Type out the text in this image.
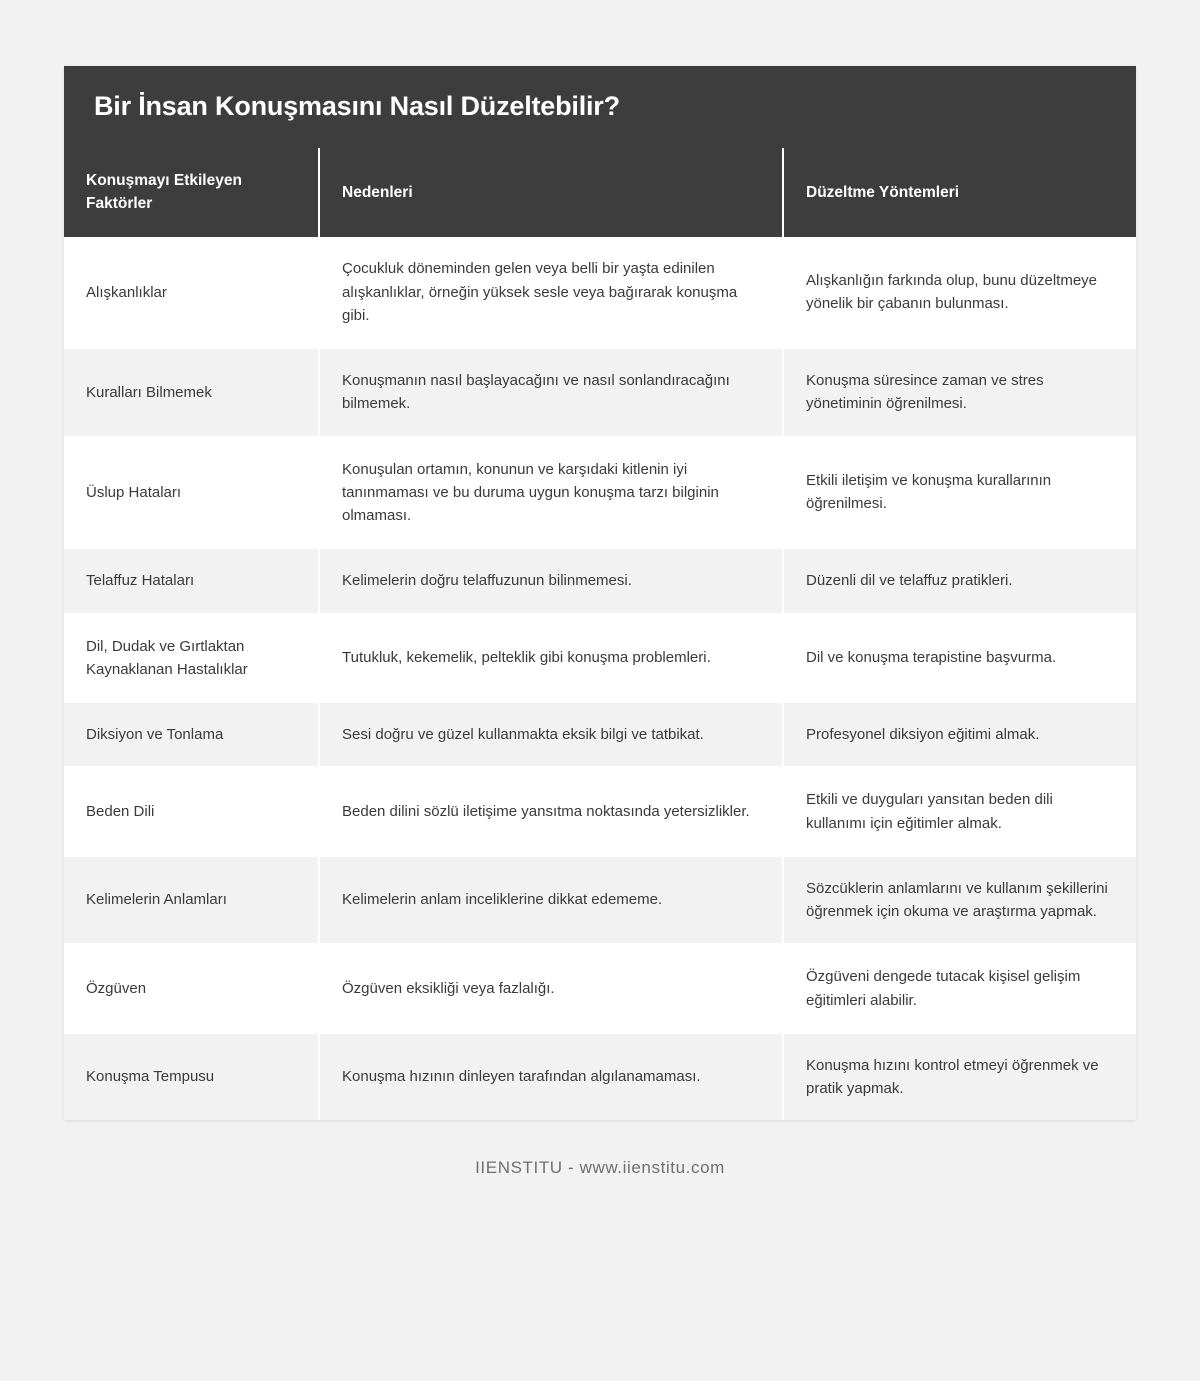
Bir İnsan Konuşmasını Nasıl Düzeltebilir?
Konuşmayı Etkileyen Faktörler	Nedenleri	Düzeltme Yöntemleri
Alışkanlıklar	Çocukluk döneminden gelen veya belli bir yaşta edinilen alışkanlıklar, örneğin yüksek sesle veya bağırarak konuşma gibi.	Alışkanlığın farkında olup, bunu düzeltmeye yönelik bir çabanın bulunması.
Kuralları Bilmemek	Konuşmanın nasıl başlayacağını ve nasıl sonlandıracağını bilmemek.	Konuşma süresince zaman ve stres yönetiminin öğrenilmesi.
Üslup Hataları	Konuşulan ortamın, konunun ve karşıdaki kitlenin iyi tanınmaması ve bu duruma uygun konuşma tarzı bilginin olmaması.	Etkili iletişim ve konuşma kurallarının öğrenilmesi.
Telaffuz Hataları	Kelimelerin doğru telaffuzunun bilinmemesi.	Düzenli dil ve telaffuz pratikleri.
Dil, Dudak ve Gırtlaktan Kaynaklanan Hastalıklar	Tutukluk, kekemelik, pelteklik gibi konuşma problemleri.	Dil ve konuşma terapistine başvurma.
Diksiyon ve Tonlama	Sesi doğru ve güzel kullanmakta eksik bilgi ve tatbikat.	Profesyonel diksiyon eğitimi almak.
Beden Dili	Beden dilini sözlü iletişime yansıtma noktasında yetersizlikler.	Etkili ve duyguları yansıtan beden dili kullanımı için eğitimler almak.
Kelimelerin Anlamları	Kelimelerin anlam inceliklerine dikkat edememe.	Sözcüklerin anlamlarını ve kullanım şekillerini öğrenmek için okuma ve araştırma yapmak.
Özgüven	Özgüven eksikliği veya fazlalığı.	Özgüveni dengede tutacak kişisel gelişim eğitimleri alabilir.
Konuşma Tempusu	Konuşma hızının dinleyen tarafından algılanamaması.	Konuşma hızını kontrol etmeyi öğrenmek ve pratik yapmak.
IIENSTITU - www.iienstitu.com
